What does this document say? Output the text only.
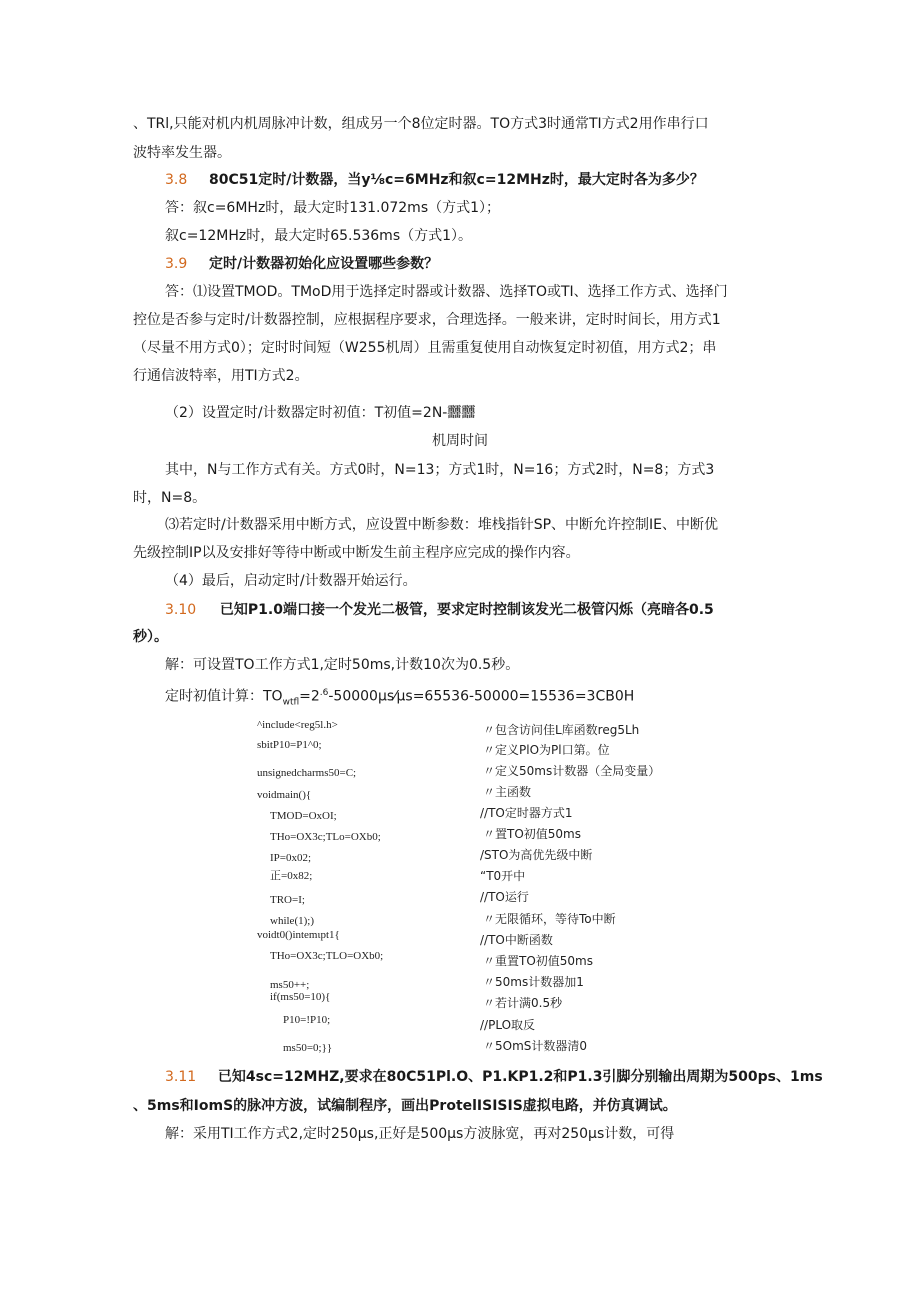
、TRl,只能对机内机周脉冲计数，组成另一个8位定时器。TO方式3时通常TI方式2用作串行口
波特率发生器。
3.8 80C51定时/计数器，当y⅛c=6MHz和叙c=12MHz时，最大定时各为多少？
答：叙c=6MHz时，最大定时131.072ms（方式1）；
叙c=12MHz时，最大定时65.536ms（方式1）。
3.9 定时/计数器初始化应设置哪些参数？
答：⑴设置TMOD。TMoD用于选择定时器或计数器、选择TO或TI、选择工作方式、选择门
控位是否参与定时/计数器控制，应根据程序要求，合理选择。一般来讲，定时时间长，用方式1
（尽量不用方式0）；定时时间短（W255机周）且需重复使用自动恢复定时初值，用方式2；串
行通信波特率，用TI方式2。
（2）设置定时/计数器定时初值：T初值=2N-䨻䨻
机周时间
其中，N与工作方式有关。方式0时，N=13；方式1时，N=16；方式2时，N=8；方式3
时，N=8。
⑶若定时/计数器采用中断方式，应设置中断参数：堆栈指针SP、中断允许控制IE、中断优
先级控制IP以及安排好等待中断或中断发生前主程序应完成的操作内容。
（4）最后，启动定时/计数器开始运行。
3.10 已知P1.0端口接一个发光二极管，要求定时控制该发光二极管闪烁（亮暗各0.5
秒）。
解：可设置TO工作方式1,定时50ms,计数10次为0.5秒。
定时初值计算：$TO_{wtfl}=2^{.6}-50000\mu s⁄\mu s=65536-50000=15536=3CB0H$
^include<reg5l.h>	〃包含访问佳L库函数reg5Lh
sbitP10=P1^0;	〃定义PlO为Pl口第。位
unsignedcharms50=C;	〃定义50ms计数器（全局变量）
voidmain(){	〃主函数
TMOD=OxOI;	//TO定时器方式1
THo=OX3c;TLo=OXb0;	〃置TO初值50ms
IP=0x02;	/STO为高优先级中断
正=0x82;	“T0开中
TRO=I;	//TO运行
while(1);)	〃无限循环，等待To中断
voidt0()intemιpt1{	//TO中断函数
THo=OX3c;TLO=OXb0;	〃重置TO初值50ms
ms50++;	〃50ms计数器加1
if(ms50=10){	〃若计满0.5秒
P10=!P10;	//PLO取反
ms50=0;}}	〃5OmS计数器清0
3.11 已知4sc=12MHZ,要求在80C51Pl.O、P1.KP1.2和P1.3引脚分别输出周期为500ps、1ms
、5ms和IomS的脉冲方波，试编制程序，画出ProtelISISIS虚拟电路，并仿真调试。
解：采用TI工作方式2,定时250μs,正好是500μs方波脉宽，再对250μs计数，可得
